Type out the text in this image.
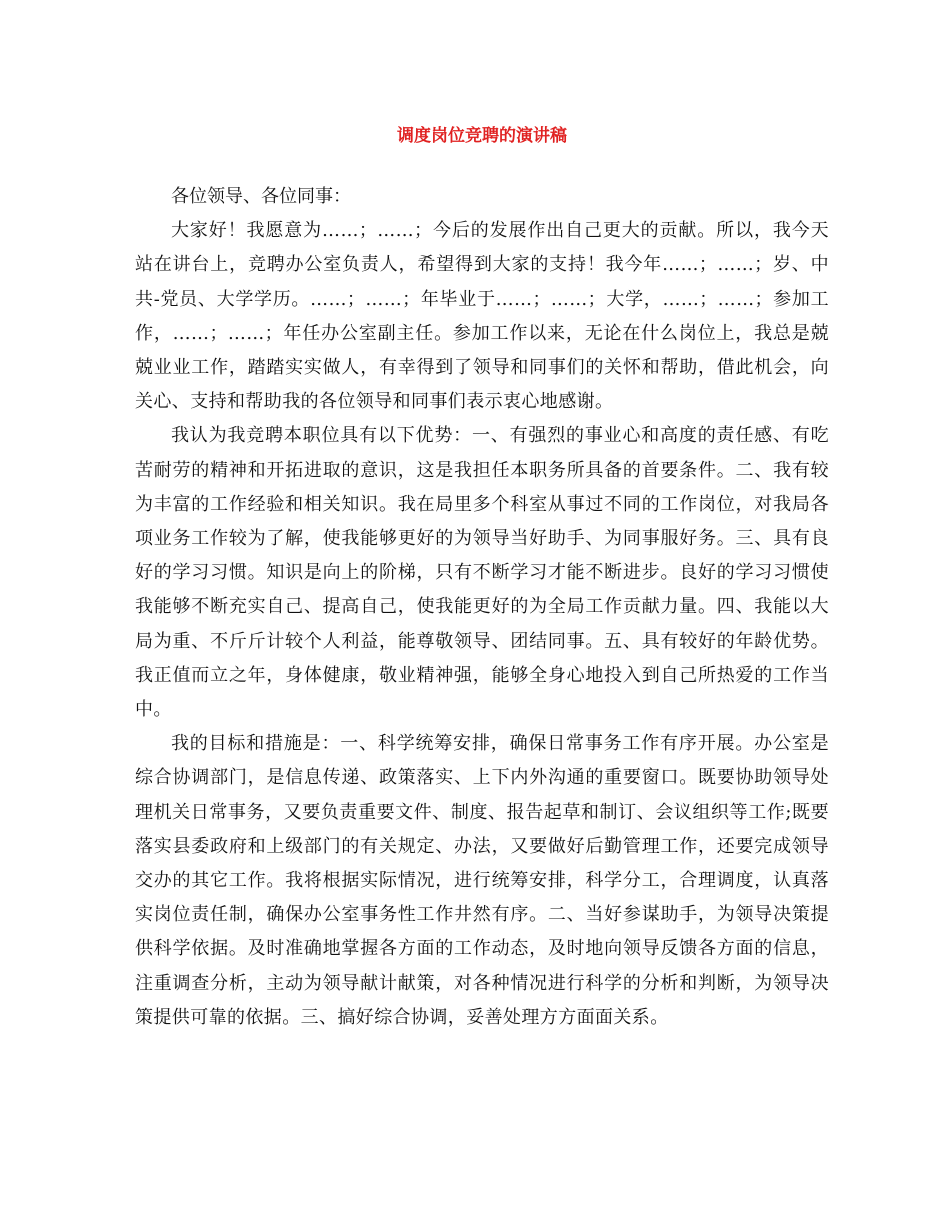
调度岗位竞聘的演讲稿

各位领导、各位同事：

大家好！我愿意为……；……；今后的发展作出自己更大的贡献。所以，我今天站在讲台上，竞聘办公室负责人，希望得到大家的支持！我今年……；……；岁、中共-党员、大学学历。……；……；年毕业于……；……；大学，……；……；参加工作，……；……；年任办公室副主任。参加工作以来，无论在什么岗位上，我总是兢兢业业工作，踏踏实实做人，有幸得到了领导和同事们的关怀和帮助，借此机会，向关心、支持和帮助我的各位领导和同事们表示衷心地感谢。

我认为我竞聘本职位具有以下优势：一、有强烈的事业心和高度的责任感、有吃苦耐劳的精神和开拓进取的意识，这是我担任本职务所具备的首要条件。二、我有较为丰富的工作经验和相关知识。我在局里多个科室从事过不同的工作岗位，对我局各项业务工作较为了解，使我能够更好的为领导当好助手、为同事服好务。三、具有良好的学习习惯。知识是向上的阶梯，只有不断学习才能不断进步。良好的学习习惯使我能够不断充实自己、提高自己，使我能更好的为全局工作贡献力量。四、我能以大局为重、不斤斤计较个人利益，能尊敬领导、团结同事。五、具有较好的年龄优势。我正值而立之年，身体健康，敬业精神强，能够全身心地投入到自己所热爱的工作当中。

我的目标和措施是：一、科学统筹安排，确保日常事务工作有序开展。办公室是综合协调部门，是信息传递、政策落实、上下内外沟通的重要窗口。既要协助领导处理机关日常事务，又要负责重要文件、制度、报告起草和制订、会议组织等工作;既要落实县委政府和上级部门的有关规定、办法，又要做好后勤管理工作，还要完成领导交办的其它工作。我将根据实际情况，进行统筹安排，科学分工，合理调度，认真落实岗位责任制，确保办公室事务性工作井然有序。二、当好参谋助手，为领导决策提供科学依据。及时准确地掌握各方面的工作动态，及时地向领导反馈各方面的信息，注重调查分析，主动为领导献计献策，对各种情况进行科学的分析和判断，为领导决策提供可靠的依据。三、搞好综合协调，妥善处理方方面面关系。
